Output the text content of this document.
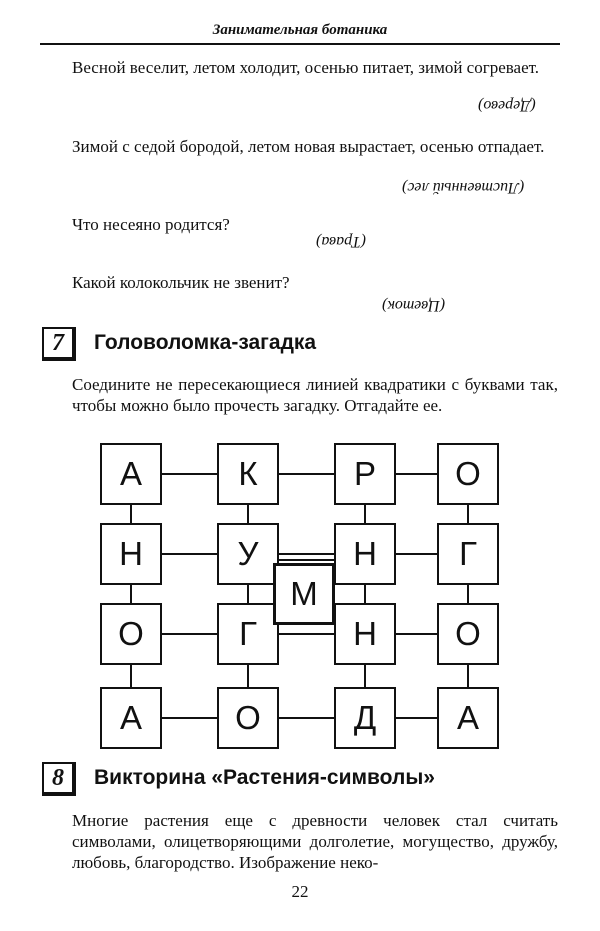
Занимательная ботаника

Весной веселит, летом холодит, осенью питает, зимой согревает.

(Дерево)

Зимой с седой бородой, летом новая вырастает, осенью отпадает.

(Лиственный лес)

Что несеяно родится?

(Трава)

Какой колокольчик не звенит?

(Цветок)
7	Головоломка-загадка

Соедините не пересекающиеся линией квадратики с буквами так, чтобы можно было прочесть загадку. Отгадайте ее.

А	К	Р	О
Н	У	Н	Г
О	Г	Н	О
А	О	Д	А
М
8	Викторина «Растения-символы»

Многие растения еще с древности человек стал считать символами, олицетворяющими долголетие, могущество, дружбу, любовь, благородство. Изображение неко-

22
